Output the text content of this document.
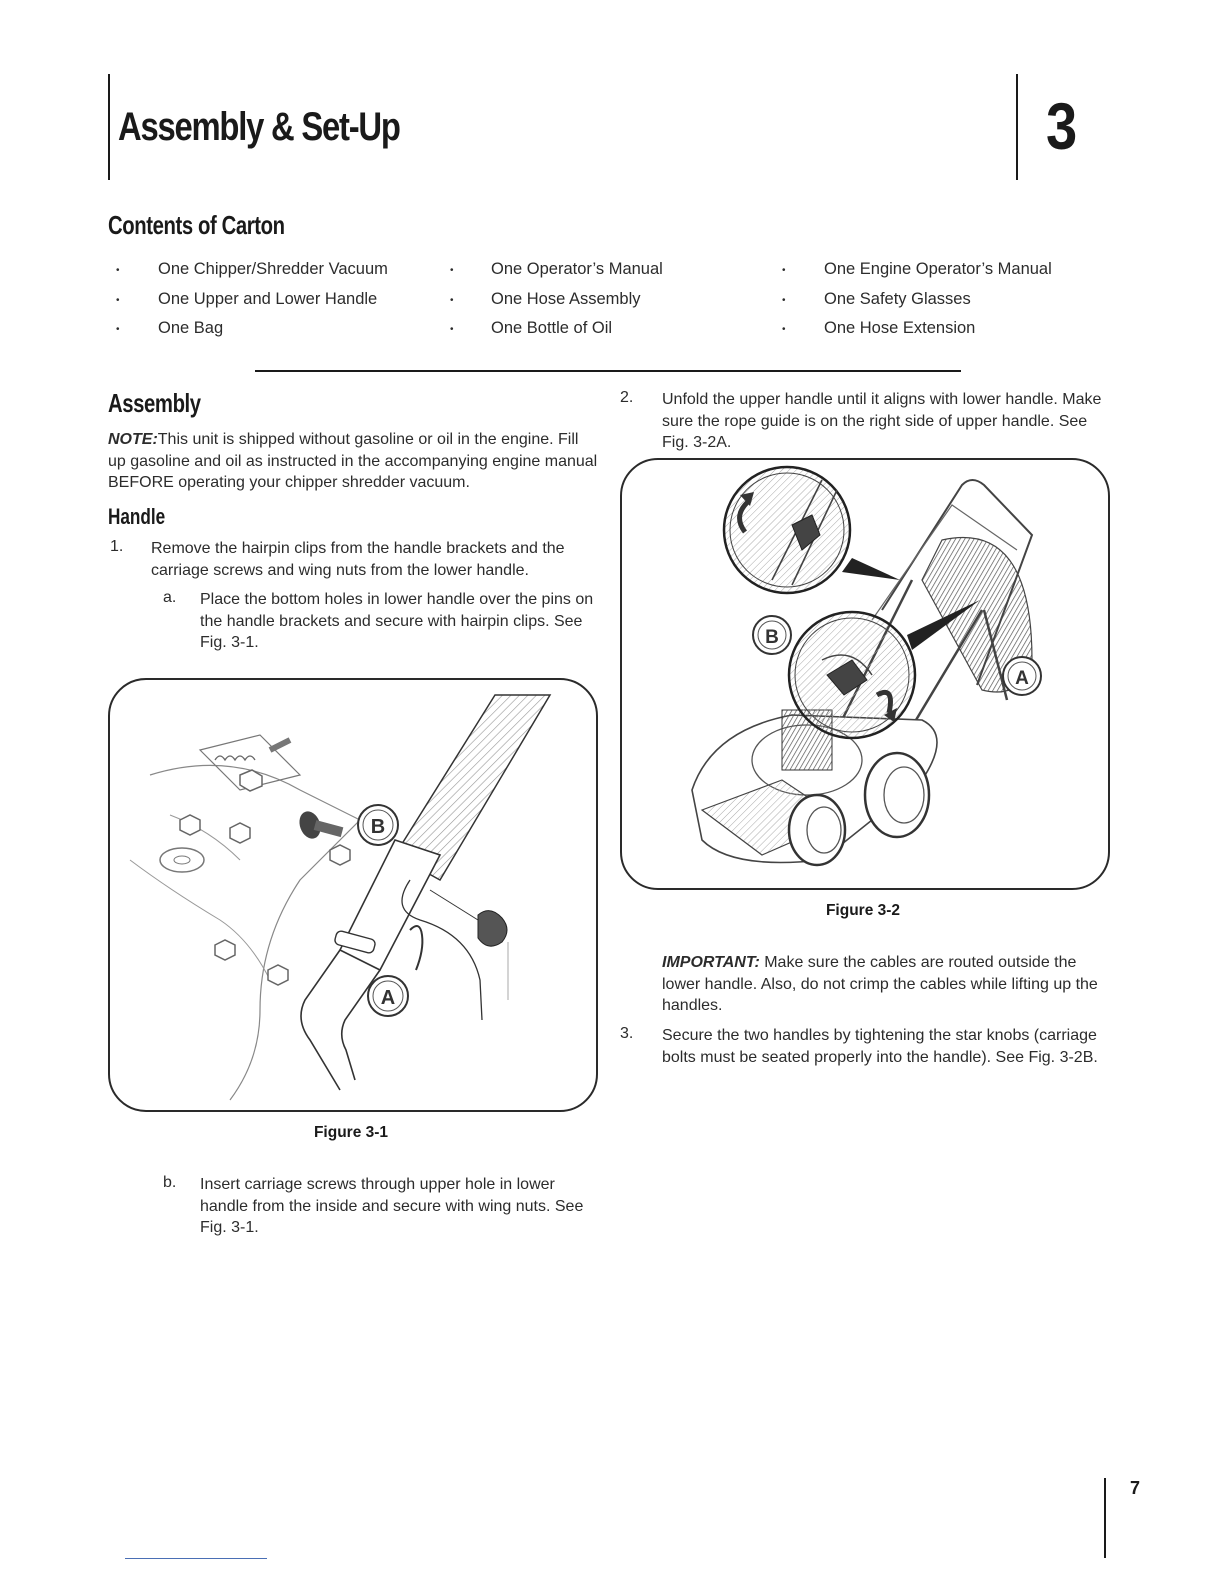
Assembly & Set-Up	3
Contents of Carton
• One Chipper/Shredder Vacuum
• One Upper and Lower Handle
• One Bag
• One Operator’s Manual
• One Hose Assembly
• One Bottle of Oil
• One Engine Operator’s Manual
• One Safety Glasses
• One Hose Extension
Assembly
NOTE:This unit is shipped without gasoline or oil in the engine. Fill up gasoline and oil as instructed in the accompanying engine manual BEFORE operating your chipper shredder vacuum.
Handle
1. Remove the hairpin clips from the handle brackets and the carriage screws and wing nuts from the lower handle.
a. Place the bottom holes in lower handle over the pins on the handle brackets and secure with hairpin clips. See Fig. 3-1.
B
A
Figure 3-1
b. Insert carriage screws through upper hole in lower handle from the inside and secure with wing nuts. See Fig. 3-1.
2. Unfold the upper handle until it aligns with lower handle. Make sure the rope guide is on the right side of upper handle. See Fig. 3-2A.
B
A
Figure 3-2
IMPORTANT: Make sure the cables are routed outside the lower handle. Also, do not crimp the cables while lifting up the handles.
3. Secure the two handles by tightening the star knobs (carriage bolts must be seated properly into the handle). See Fig. 3-2B.
7
